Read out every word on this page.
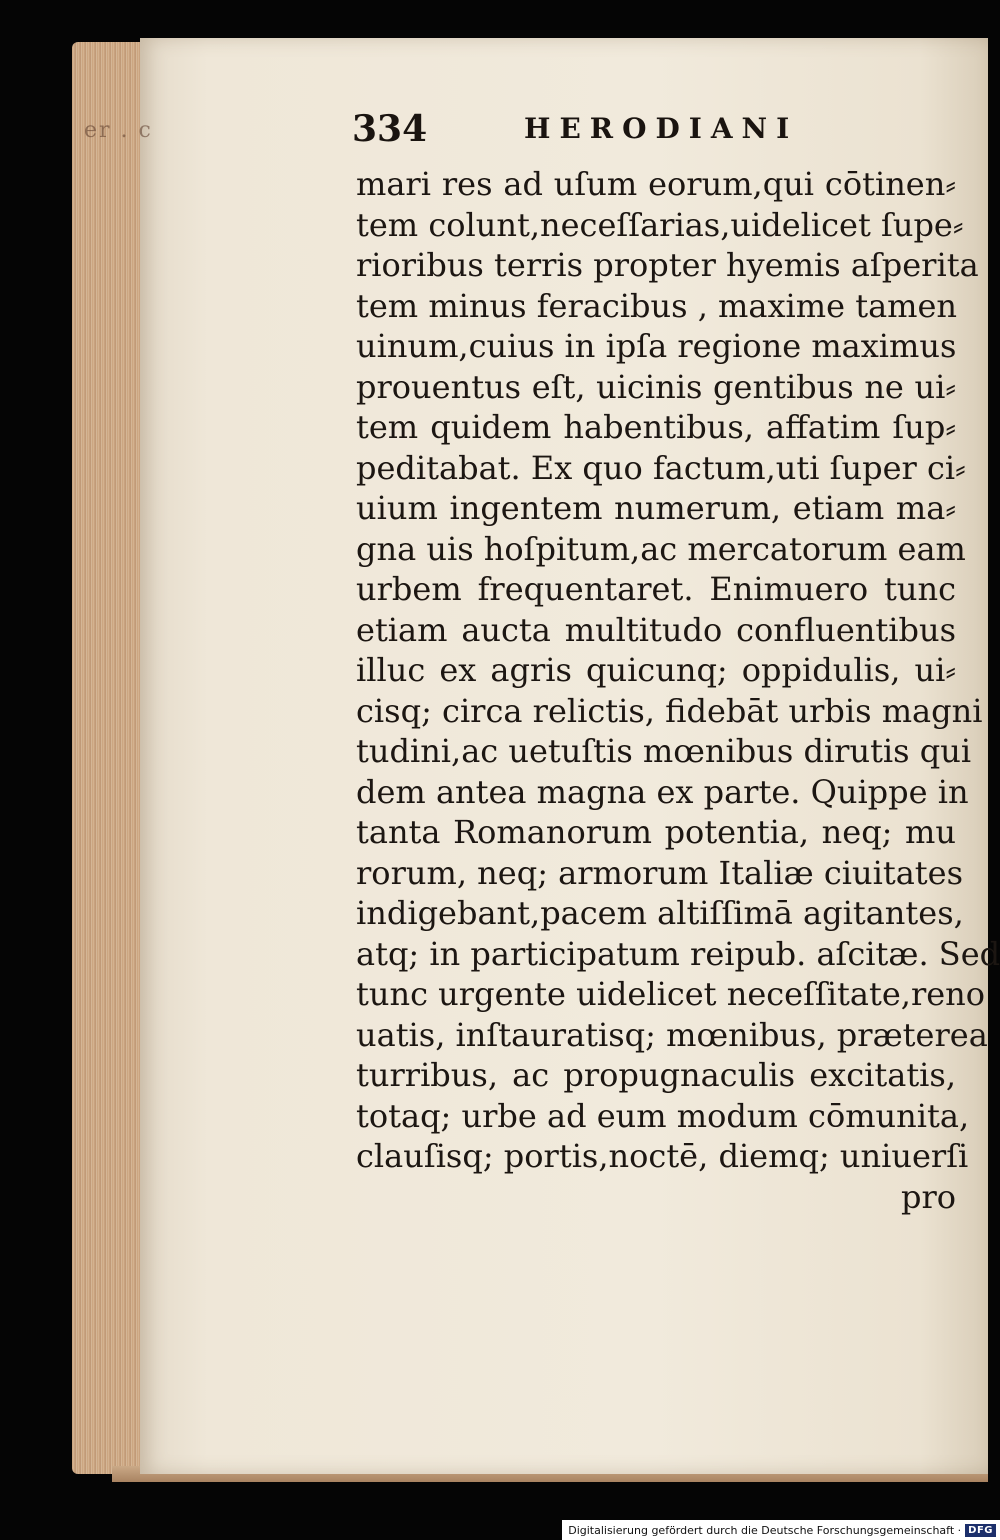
er . c	334	HERODIANI
mari res ad uſum eorum,qui cōtinen⸗
tem colunt,neceſſarias,uidelicet ſupe⸗
rioribus terris propter hyemis aſperita
tem minus feracibus , maxime tamen
uinum,cuius in ipſa regione maximus
prouentus eſt, uicinis gentibus ne ui⸗
tem quidem habentibus, affatim ſup⸗
peditabat. Ex quo factum,uti ſuper ci⸗
uium ingentem numerum, etiam ma⸗
gna uis hoſpitum,ac mercatorum eam
urbem frequentaret. Enimuero tunc
etiam aucta multitudo confluentibus
illuc ex agris quicunq; oppidulis, ui⸗
cisq; circa relictis, fidebāt urbis magni
tudini,ac uetuſtis mœnibus dirutis qui
dem antea magna ex parte. Quippe in
tanta Romanorum potentia, neq; mu
rorum, neq; armorum Italiæ ciuitates
indigebant,pacem altiſſimā agitantes,
atq; in participatum reipub. aſcitæ. Sed
tunc urgente uidelicet neceſſitate,reno
uatis, inſtauratisq; mœnibus, præterea
turribus, ac propugnaculis excitatis,
totaq; urbe ad eum modum cōmunita,
clauſisq; portis,noctē, diemq; uniuerſi
pro
Digitalisierung gefördert durch die Deutsche Forschungsgemeinschaft · DFG
